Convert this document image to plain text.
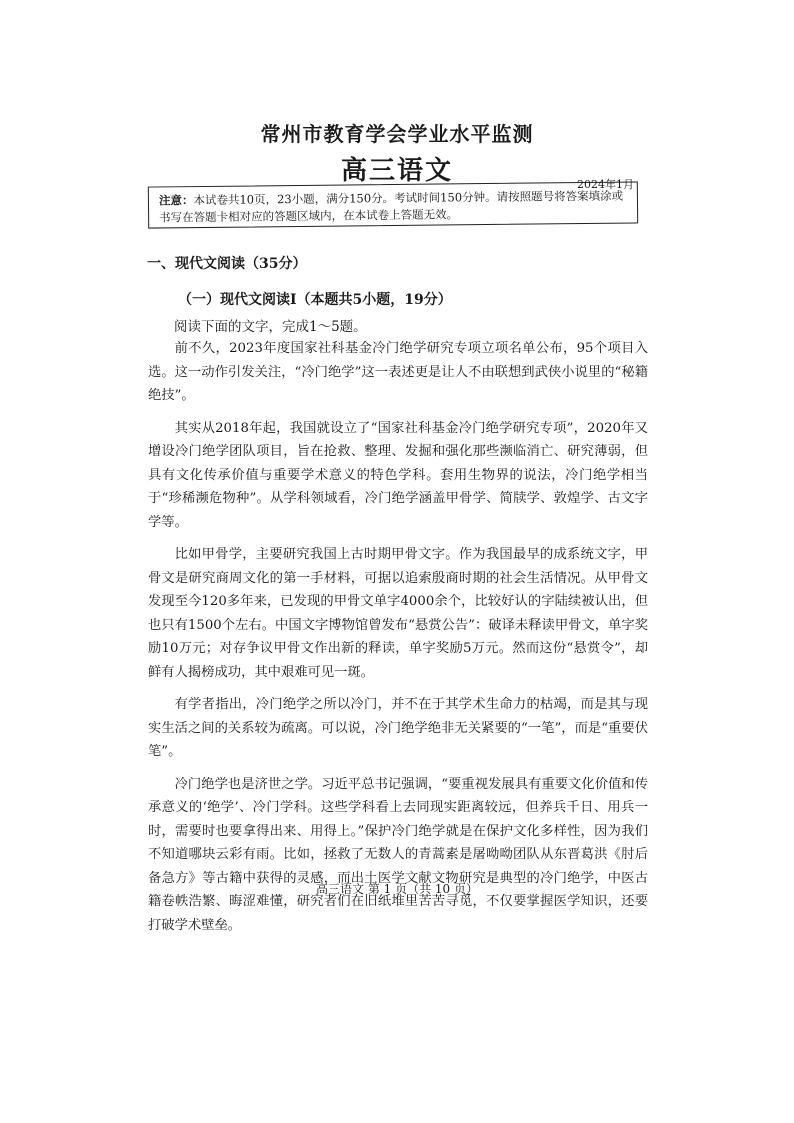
常州市教育学会学业水平监测
高三语文	2024年1月
注意：本试卷共10页，23小题，满分150分。考试时间150分钟。请按照题号将答案填涂或书写在答题卡相对应的答题区域内，在本试卷上答题无效。
一、现代文阅读（35分）
（一）现代文阅读Ⅰ（本题共5小题，19分）
阅读下面的文字，完成1～5题。

前不久，2023年度国家社科基金冷门绝学研究专项立项名单公布，95个项目入选。这一动作引发关注，“冷门绝学”这一表述更是让人不由联想到武侠小说里的“秘籍绝技”。

其实从2018年起，我国就设立了“国家社科基金冷门绝学研究专项”，2020年又增设冷门绝学团队项目，旨在抢救、整理、发掘和强化那些濒临消亡、研究薄弱，但具有文化传承价值与重要学术意义的特色学科。套用生物界的说法，冷门绝学相当于“珍稀濒危物种”。从学科领域看，冷门绝学涵盖甲骨学、简牍学、敦煌学、古文字学等。

比如甲骨学，主要研究我国上古时期甲骨文字。作为我国最早的成系统文字，甲骨文是研究商周文化的第一手材料，可据以追索殷商时期的社会生活情况。从甲骨文发现至今120多年来，已发现的甲骨文单字4000余个，比较好认的字陆续被认出，但也只有1500个左右。中国文字博物馆曾发布“悬赏公告”：破译未释读甲骨文，单字奖励10万元；对存争议甲骨文作出新的释读，单字奖励5万元。然而这份“悬赏令”，却鲜有人揭榜成功，其中艰难可见一斑。

有学者指出，冷门绝学之所以冷门，并不在于其学术生命力的枯竭，而是其与现实生活之间的关系较为疏离。可以说，冷门绝学绝非无关紧要的“一笔”，而是“重要伏笔”。

冷门绝学也是济世之学。习近平总书记强调，“要重视发展具有重要文化价值和传承意义的‘绝学’、冷门学科。这些学科看上去同现实距离较远，但养兵千日、用兵一时，需要时也要拿得出来、用得上。”保护冷门绝学就是在保护文化多样性，因为我们不知道哪块云彩有雨。比如，拯救了无数人的青蒿素是屠呦呦团队从东晋葛洪《肘后备急方》等古籍中获得的灵感，而出土医学文献文物研究是典型的冷门绝学，中医古籍卷帙浩繁、晦涩难懂，研究者们在旧纸堆里苦苦寻觅，不仅要掌握医学知识，还要打破学术壁垒。

高三语文 第 1 页（共 10 页）
